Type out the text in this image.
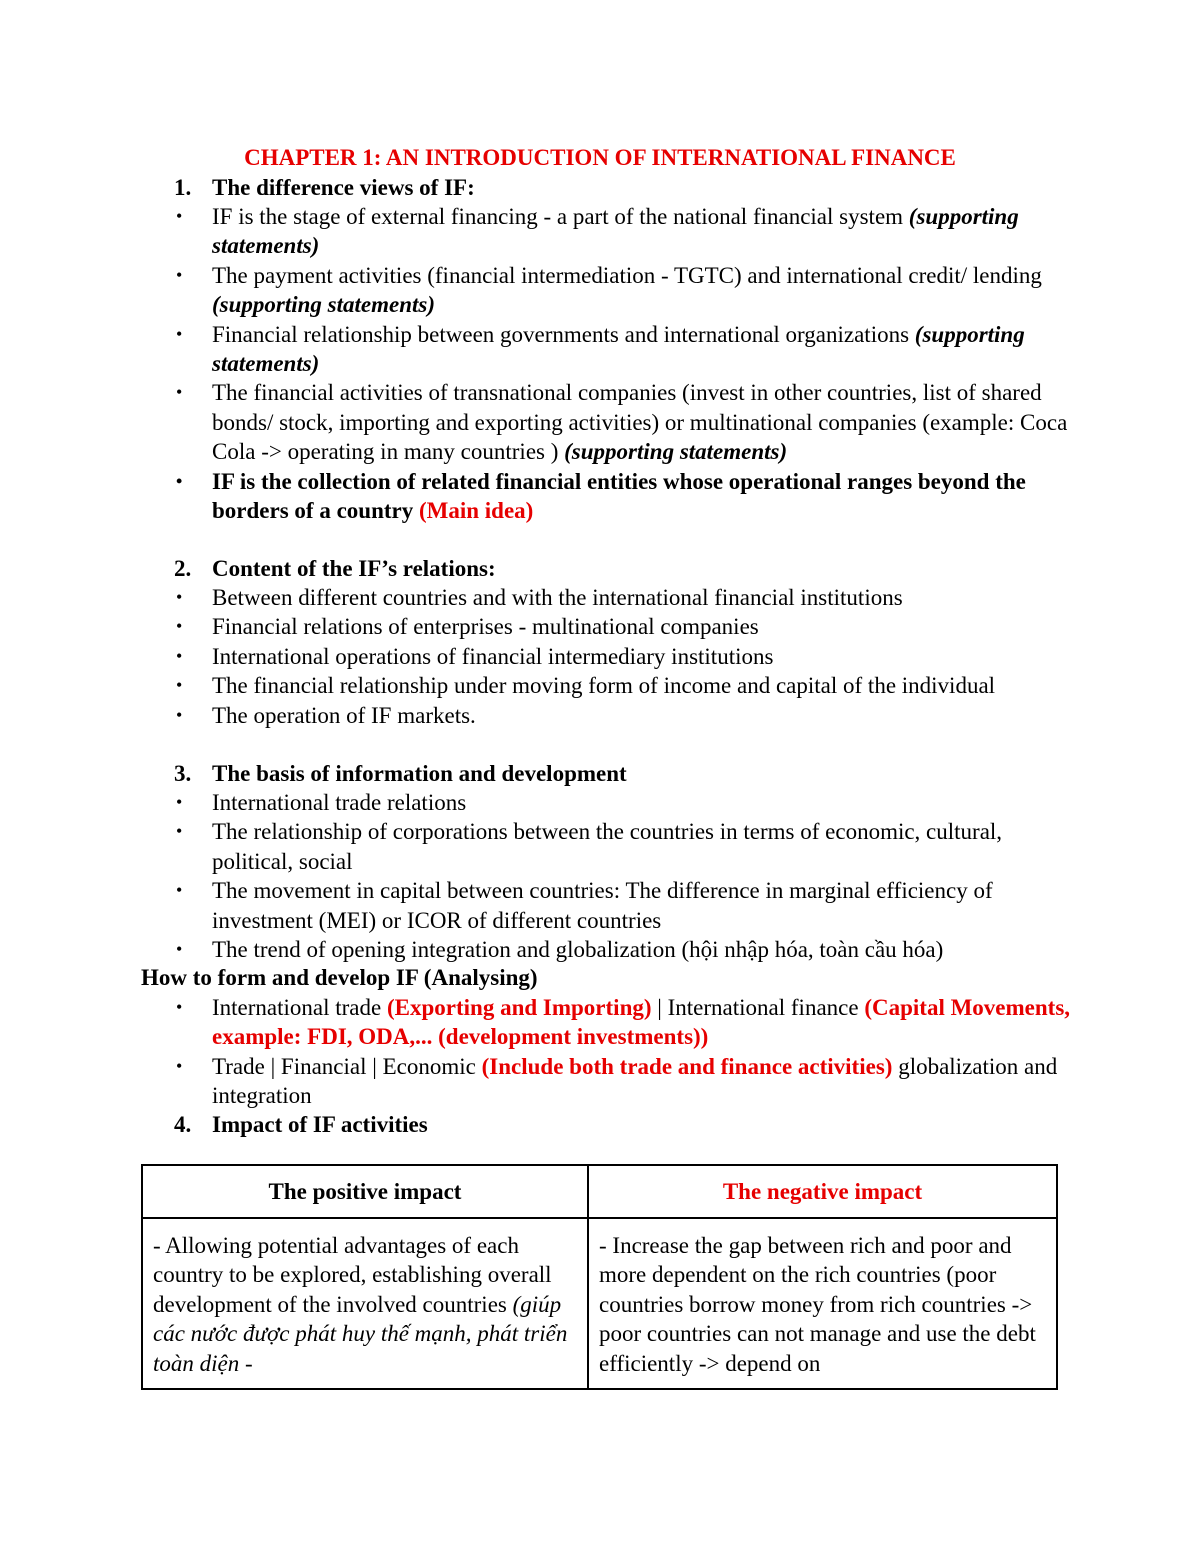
CHAPTER 1: AN INTRODUCTION OF INTERNATIONAL FINANCE
1. The difference views of IF:
• IF is the stage of external financing - a part of the national financial system (supporting statements)
• The payment activities (financial intermediation - TGTC) and international credit/ lending (supporting statements)
• Financial relationship between governments and international organizations (supporting statements)
• The financial activities of transnational companies (invest in other countries, list of shared bonds/ stock, importing and exporting activities) or multinational companies (example: Coca Cola -> operating in many countries ) (supporting statements)
• IF is the collection of related financial entities whose operational ranges beyond the borders of a country (Main idea)
2. Content of the IF’s relations:
• Between different countries and with the international financial institutions
• Financial relations of enterprises - multinational companies
• International operations of financial intermediary institutions
• The financial relationship under moving form of income and capital of the individual
• The operation of IF markets.
3. The basis of information and development
• International trade relations
• The relationship of corporations between the countries in terms of economic, cultural, political, social
• The movement in capital between countries: The difference in marginal efficiency of investment (MEI) or ICOR of different countries
• The trend of opening integration and globalization (hội nhập hóa, toàn cầu hóa)
How to form and develop IF (Analysing)
• International trade (Exporting and Importing) | International finance (Capital Movements, example: FDI, ODA,... (development investments))
• Trade | Financial | Economic (Include both trade and finance activities) globalization and integration
4. Impact of IF activities
The positive impact	The negative impact
- Allowing potential advantages of each country to be explored, establishing overall development of the involved countries (giúp các nước được phát huy thế mạnh, phát triển toàn diện -	- Increase the gap between rich and poor and more dependent on the rich countries (poor countries borrow money from rich countries -> poor countries can not manage and use the debt efficiently -> depend on
